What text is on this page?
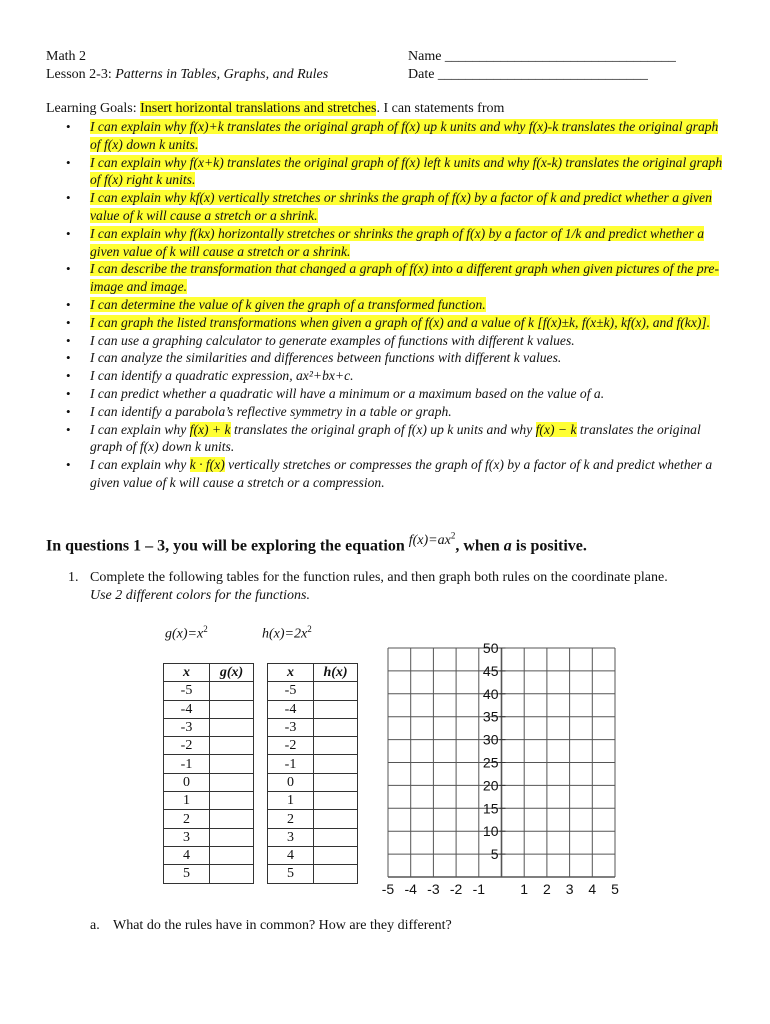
Math 2
Lesson 2-3: Patterns in Tables, Graphs, and Rules
Name _________________________________
Date ______________________________
Learning Goals: Insert horizontal translations and stretches. I can statements from
• I can explain why f(x)+k translates the original graph of f(x) up k units and why f(x)-k translates the original graph of f(x) down k units.
• I can explain why f(x+k) translates the original graph of f(x) left k units and why f(x-k) translates the original graph of f(x) right k units.
• I can explain why kf(x) vertically stretches or shrinks the graph of f(x) by a factor of k and predict whether a given value of k will cause a stretch or a shrink.
• I can explain why f(kx) horizontally stretches or shrinks the graph of f(x) by a factor of 1/k and predict whether a given value of k will cause a stretch or a shrink.
• I can describe the transformation that changed a graph of f(x) into a different graph when given pictures of the pre-image and image.
• I can determine the value of k given the graph of a transformed function.
• I can graph the listed transformations when given a graph of f(x) and a value of k [f(x)±k, f(x±k), kf(x), and f(kx)].
• I can use a graphing calculator to generate examples of functions with different k values.
• I can analyze the similarities and differences between functions with different k values.
• I can identify a quadratic expression, ax²+bx+c.
• I can predict whether a quadratic will have a minimum or a maximum based on the value of a.
• I can identify a parabola’s reflective symmetry in a table or graph.
• I can explain why f(x) + k translates the original graph of f(x) up k units and why f(x) − k translates the original graph of f(x) down k units.
• I can explain why k · f(x) vertically stretches or compresses the graph of f(x) by a factor of k and predict whether a given value of k will cause a stretch or a compression.
In questions 1 – 3, you will be exploring the equation $f(x)=ax^2$, when a is positive.
1. Complete the following tables for the function rules, and then graph both rules on the coordinate plane.
Use 2 different colors for the functions.
$g(x)=x^2$	$h(x)=2x^2$
x	g(x)
-5	
-4	
-3	
-2	
-1	
0	
1	
2	
3	
4	
5	
x	h(x)
-5	
-4	
-3	
-2	
-1	
0	
1	
2	
3	
4	
5	
5
10
15
20
25
30
35
40
45
50
-5 -4 -3 -2 -1	1 2 3 4 5
a. What do the rules have in common? How are they different?
